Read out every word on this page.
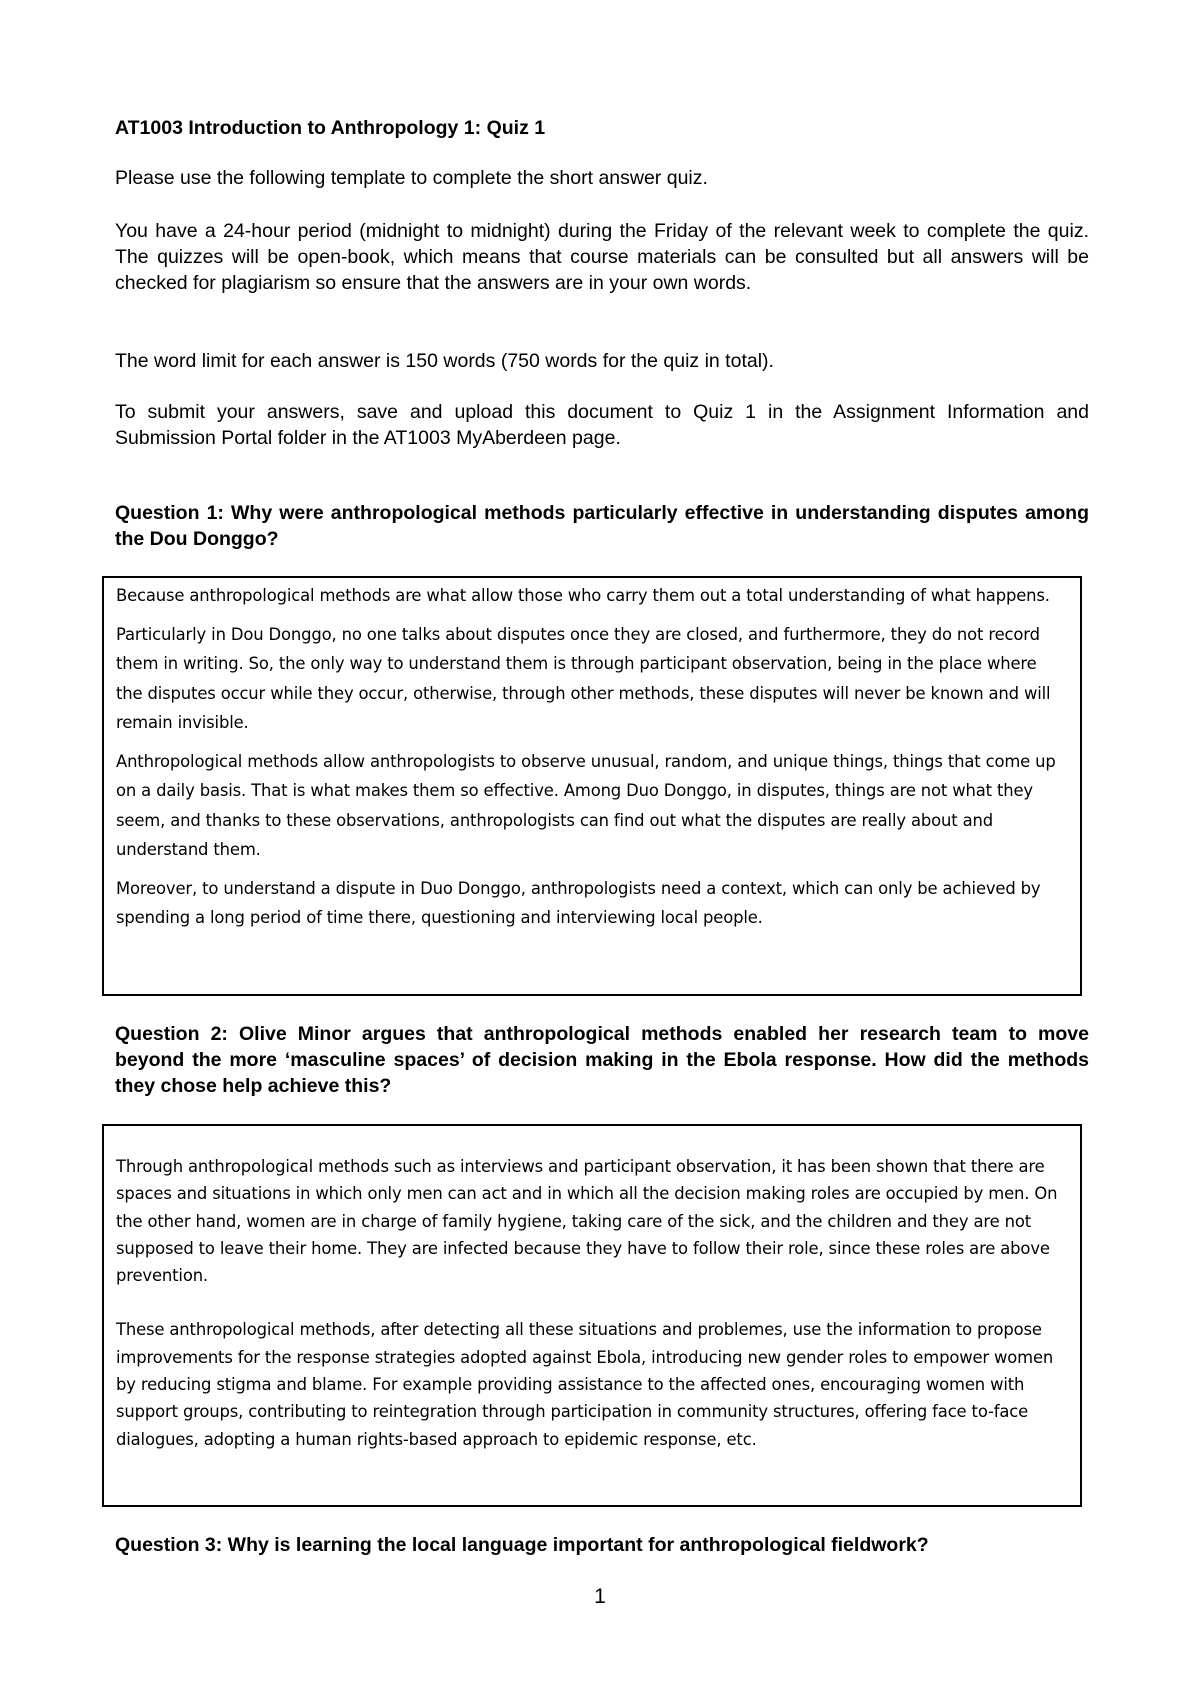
AT1003 Introduction to Anthropology 1: Quiz 1

Please use the following template to complete the short answer quiz.

You have a 24-hour period (midnight to midnight) during the Friday of the relevant week to complete the quiz. The quizzes will be open-book, which means that course materials can be consulted but all answers will be checked for plagiarism so ensure that the answers are in your own words.

The word limit for each answer is 150 words (750 words for the quiz in total).

To submit your answers, save and upload this document to Quiz 1 in the Assignment Information and Submission Portal folder in the AT1003 MyAberdeen page.

Question 1: Why were anthropological methods particularly effective in understanding disputes among the Dou Donggo?

Because anthropological methods are what allow those who carry them out a total understanding of what happens.

Particularly in Dou Donggo, no one talks about disputes once they are closed, and furthermore, they do not record them in writing. So, the only way to understand them is through participant observation, being in the place where the disputes occur while they occur, otherwise, through other methods, these disputes will never be known and will remain invisible.

Anthropological methods allow anthropologists to observe unusual, random, and unique things, things that come up on a daily basis. That is what makes them so effective. Among Duo Donggo, in disputes, things are not what they seem, and thanks to these observations, anthropologists can find out what the disputes are really about and understand them.

Moreover, to understand a dispute in Duo Donggo, anthropologists need a context, which can only be achieved by spending a long period of time there, questioning and interviewing local people.

Question 2: Olive Minor argues that anthropological methods enabled her research team to move beyond the more ‘masculine spaces’ of decision making in the Ebola response. How did the methods they chose help achieve this?

Through anthropological methods such as interviews and participant observation, it has been shown that there are spaces and situations in which only men can act and in which all the decision making roles are occupied by men. On the other hand, women are in charge of family hygiene, taking care of the sick, and the children and they are not supposed to leave their home. They are infected because they have to follow their role, since these roles are above prevention.

These anthropological methods, after detecting all these situations and problemes, use the information to propose improvements for the response strategies adopted against Ebola, introducing new gender roles to empower women by reducing stigma and blame. For example providing assistance to the affected ones, encouraging women with support groups, contributing to reintegration through participation in community structures, offering face to-face dialogues, adopting a human rights-based approach to epidemic response, etc.

Question 3: Why is learning the local language important for anthropological fieldwork?

1
